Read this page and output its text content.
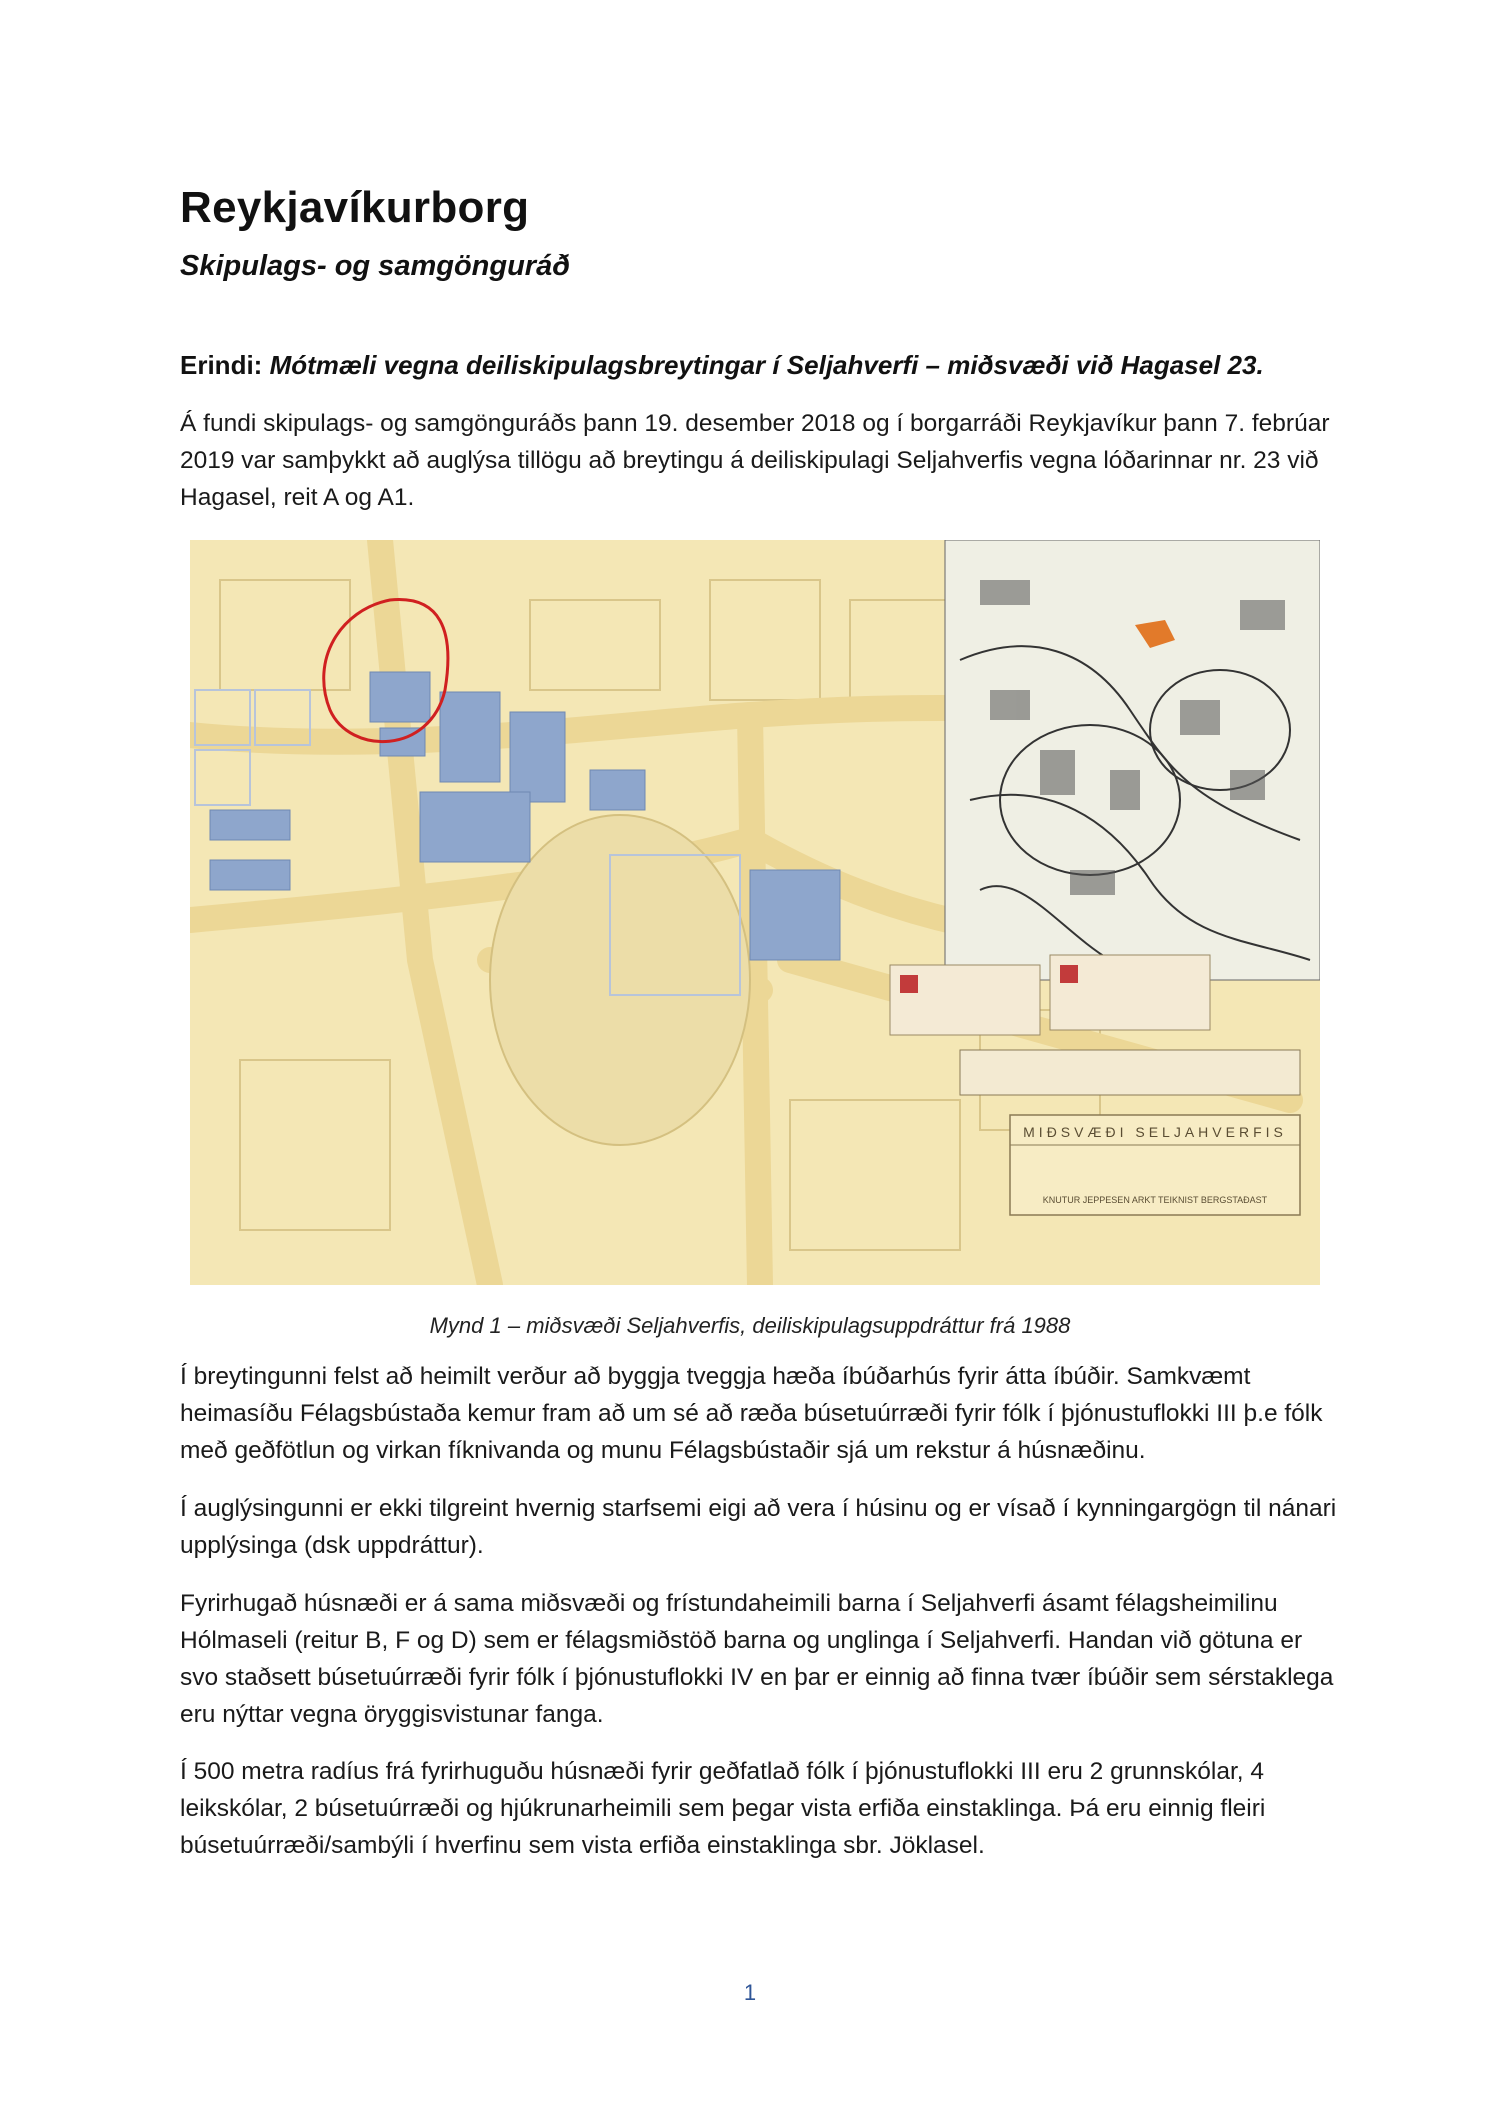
Reykjavíkurborg
Skipulags- og samgönguráð

Erindi: Mótmæli vegna deiliskipulagsbreytingar í Seljahverfi – miðsvæði við Hagasel 23.

Á fundi skipulags- og samgönguráðs þann 19. desember 2018 og í borgarráði Reykjavíkur þann 7. febrúar 2019 var samþykkt að auglýsa tillögu að breytingu á deiliskipulagi Seljahverfis vegna lóðarinnar nr. 23 við Hagasel, reit A og A1.

MIÐSVÆÐI SELJAHVERFIS
KNUTUR JEPPESEN ARKT TEIKNIST BERGSTAÐAST

Mynd 1 – miðsvæði Seljahverfis, deiliskipulagsuppdráttur frá 1988

Í breytingunni felst að heimilt verður að byggja tveggja hæða íbúðarhús fyrir átta íbúðir. Samkvæmt heimasíðu Félagsbústaða kemur fram að um sé að ræða búsetuúrræði fyrir fólk í þjónustuflokki III þ.e fólk með geðfötlun og virkan fíknivanda og munu Félagsbústaðir sjá um rekstur á húsnæðinu.

Í auglýsingunni er ekki tilgreint hvernig starfsemi eigi að vera í húsinu og er vísað í kynningargögn til nánari upplýsinga (dsk uppdráttur).

Fyrirhugað húsnæði er á sama miðsvæði og frístundaheimili barna í Seljahverfi ásamt félagsheimilinu Hólmaseli (reitur B, F og D) sem er félagsmiðstöð barna og unglinga í Seljahverfi. Handan við götuna er svo staðsett búsetuúrræði fyrir fólk í þjónustuflokki IV en þar er einnig að finna tvær íbúðir sem sérstaklega eru nýttar vegna öryggisvistunar fanga.

Í 500 metra radíus frá fyrirhuguðu húsnæði fyrir geðfatlað fólk í þjónustuflokki III eru 2 grunnskólar, 4 leikskólar, 2 búsetuúrræði og hjúkrunarheimili sem þegar vista erfiða einstaklinga. Þá eru einnig fleiri búsetuúrræði/sambýli í hverfinu sem vista erfiða einstaklinga sbr. Jöklasel.

1
